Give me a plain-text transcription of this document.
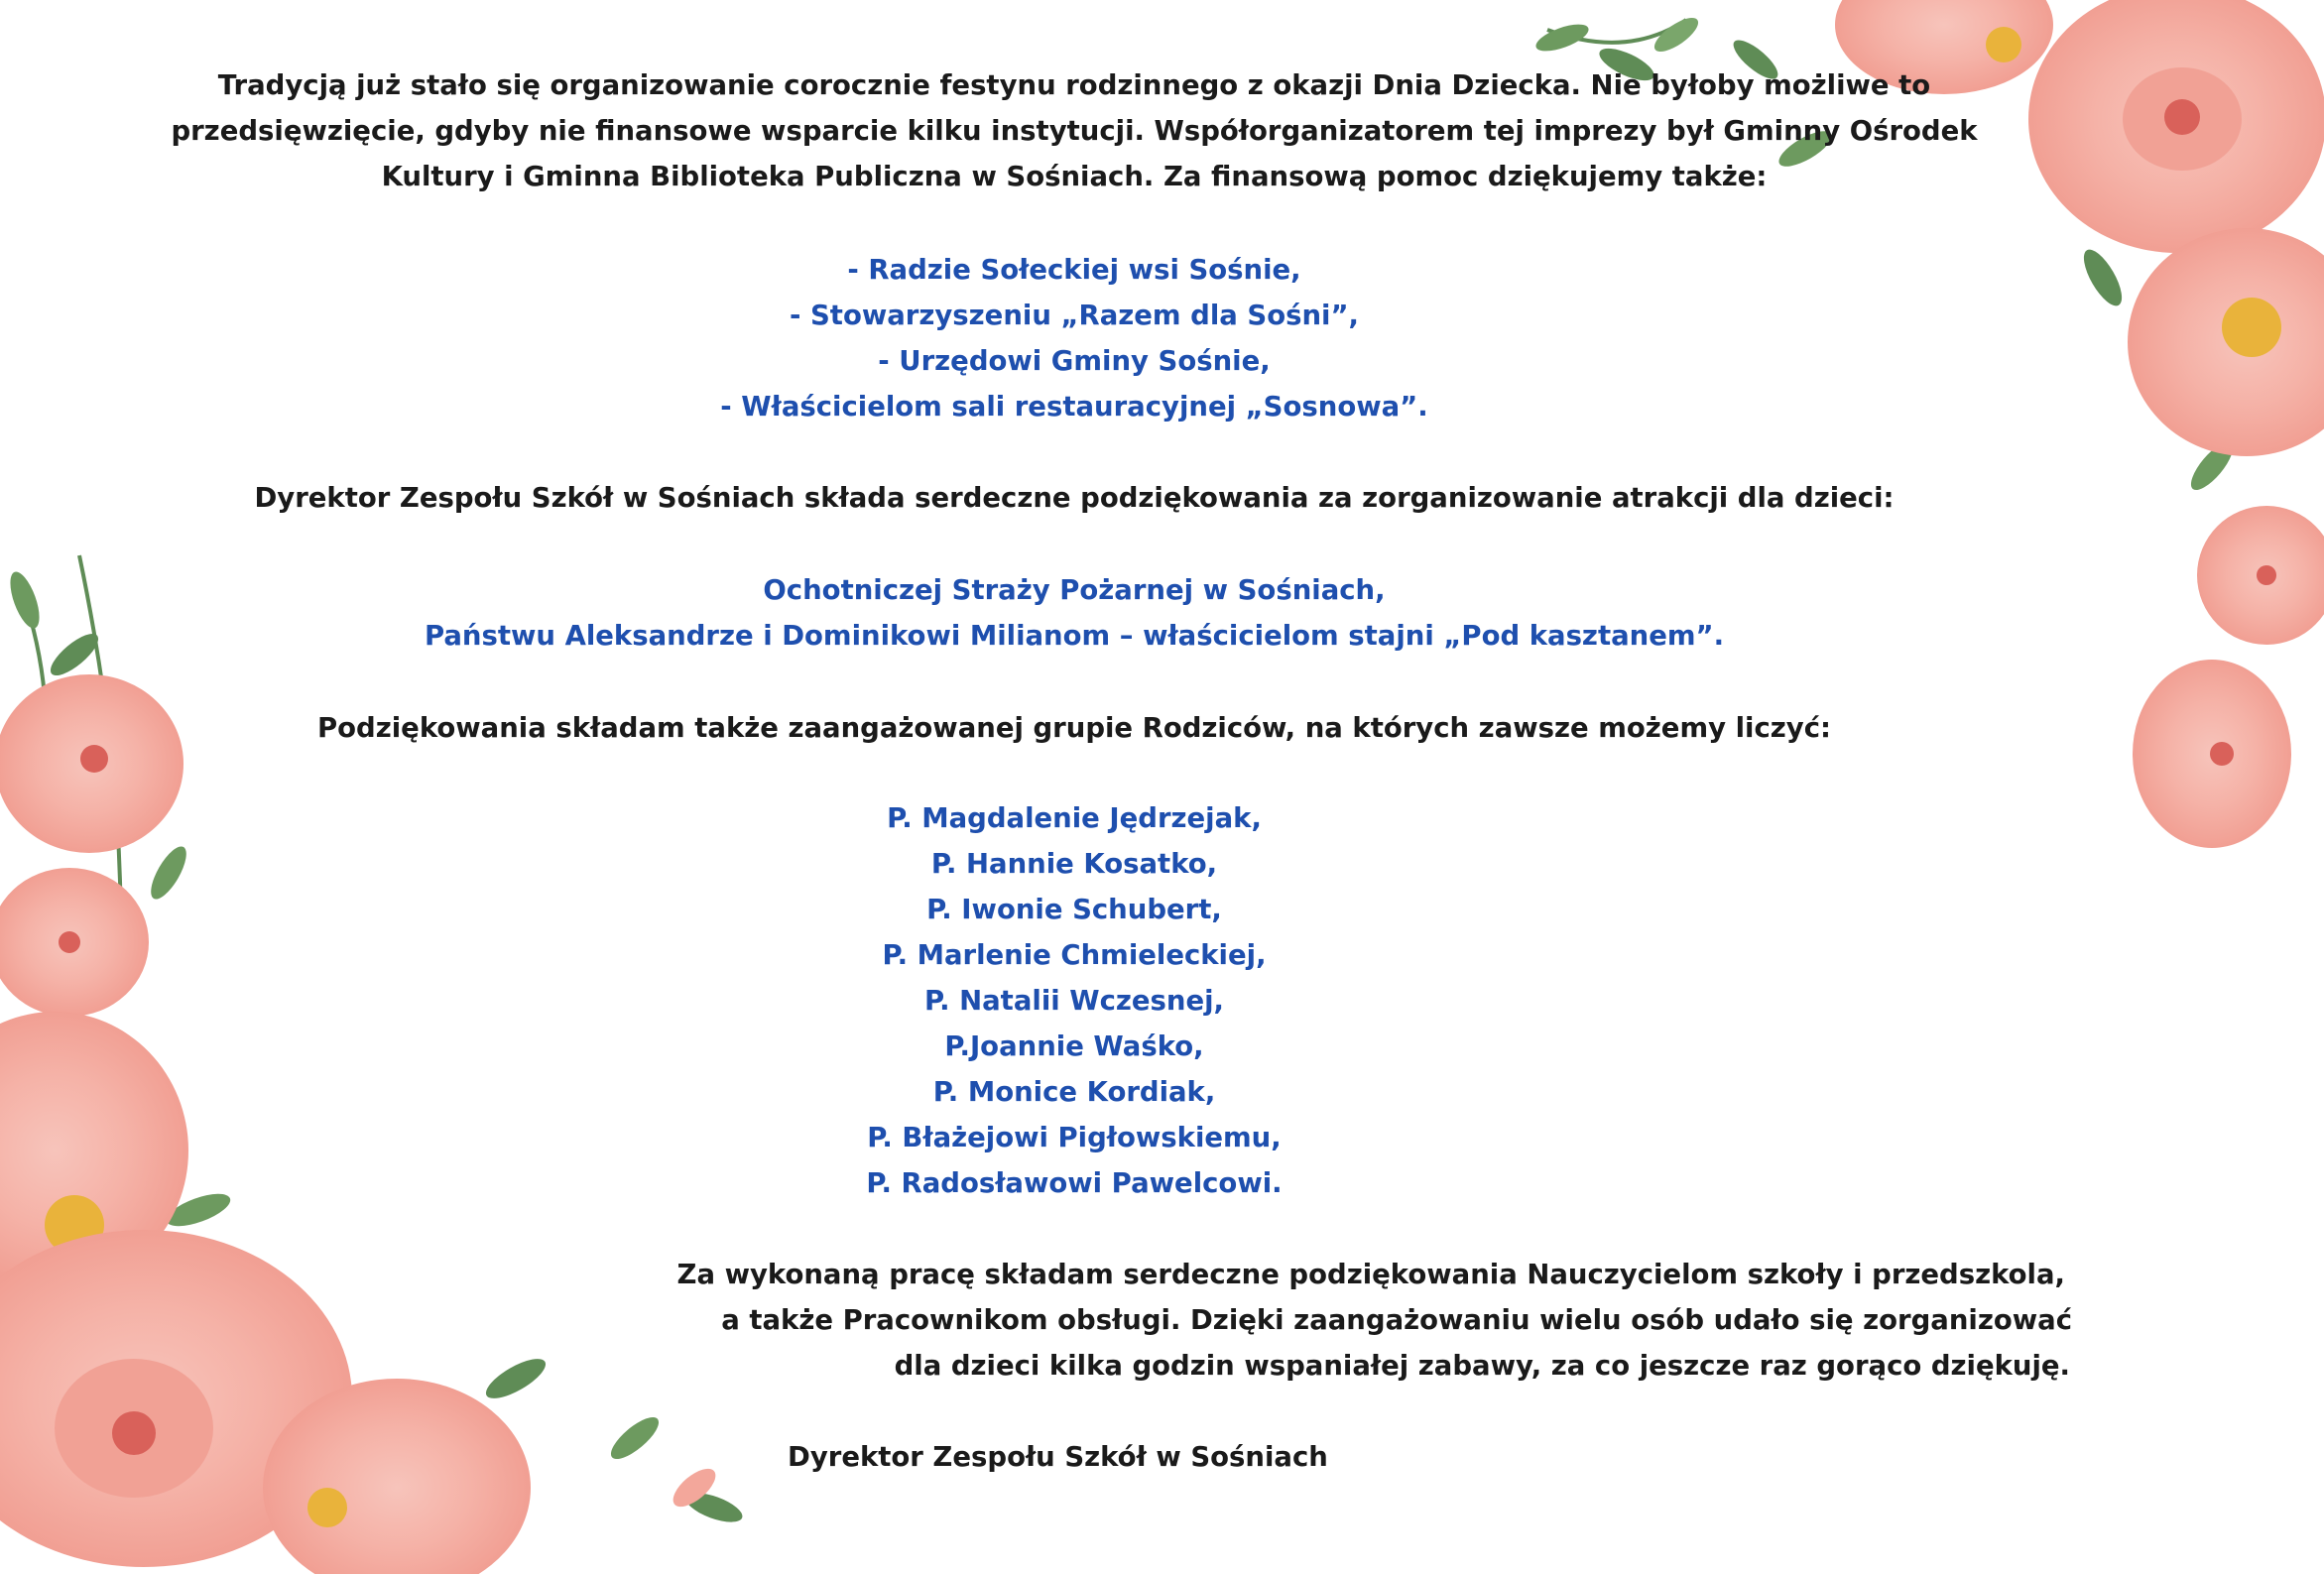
Tradycją już stało się organizowanie corocznie festynu rodzinnego z okazji Dnia Dziecka. Nie byłoby możliwe to
przedsięwzięcie, gdyby nie finansowe wsparcie kilku instytucji. Współorganizatorem tej imprezy był Gminny Ośrodek
Kultury i Gminna Biblioteka Publiczna w Sośniach. Za finansową pomoc dziękujemy także:
- Radzie Sołeckiej wsi Sośnie,
- Stowarzyszeniu „Razem dla Sośni”,
- Urzędowi Gminy Sośnie,
- Właścicielom sali restauracyjnej „Sosnowa”.
Dyrektor Zespołu Szkół w Sośniach składa serdeczne podziękowania za zorganizowanie atrakcji dla dzieci:
Ochotniczej Straży Pożarnej w Sośniach,
Państwu Aleksandrze i Dominikowi Milianom – właścicielom stajni „Pod kasztanem”.
Podziękowania składam także zaangażowanej grupie Rodziców, na których zawsze możemy liczyć:
P. Magdalenie Jędrzejak,
P. Hannie Kosatko,
P. Iwonie Schubert,
P. Marlenie Chmieleckiej,
P. Natalii Wczesnej,
P.Joannie Waśko,
P. Monice Kordiak,
P. Błażejowi Pigłowskiemu,
P. Radosławowi Pawelcowi.
Za wykonaną pracę składam serdeczne podziękowania Nauczycielom szkoły i przedszkola,
a także Pracownikom obsługi. Dzięki zaangażowaniu wielu osób udało się zorganizować
dla dzieci kilka godzin wspaniałej zabawy, za co jeszcze raz gorąco dziękuję.
Dyrektor Zespołu Szkół w Sośniach
